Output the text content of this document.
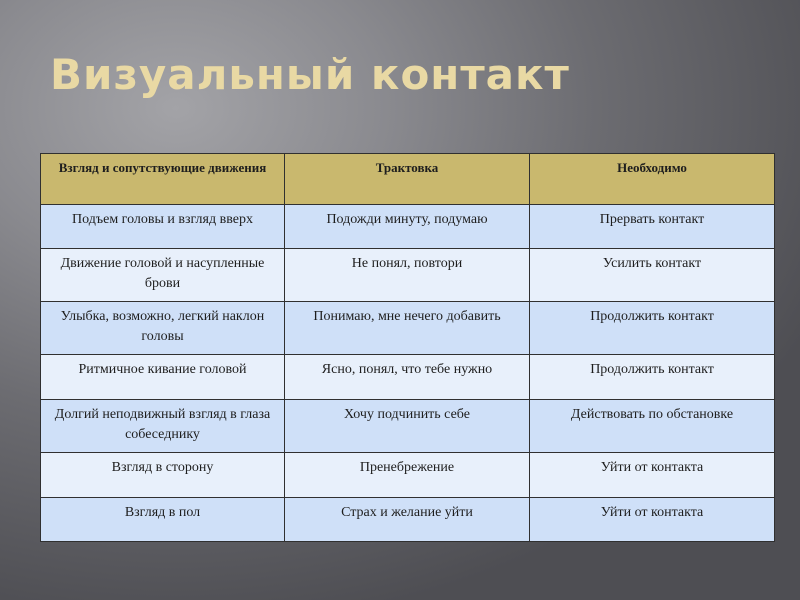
Визуальный контакт
Взгляд и сопутствующие движения	Трактовка	Необходимо
Подъем головы и взгляд вверх	Подожди минуту, подумаю	Прервать контакт
Движение головой и насупленные брови	Не понял, повтори	Усилить контакт
Улыбка, возможно, легкий наклон головы	Понимаю, мне нечего добавить	Продолжить контакт
Ритмичное кивание головой	Ясно, понял, что тебе нужно	Продолжить контакт
Долгий неподвижный взгляд в глаза собеседнику	Хочу подчинить себе	Действовать по обстановке
Взгляд в сторону	Пренебрежение	Уйти от контакта
Взгляд в пол	Страх и желание уйти	Уйти от контакта
